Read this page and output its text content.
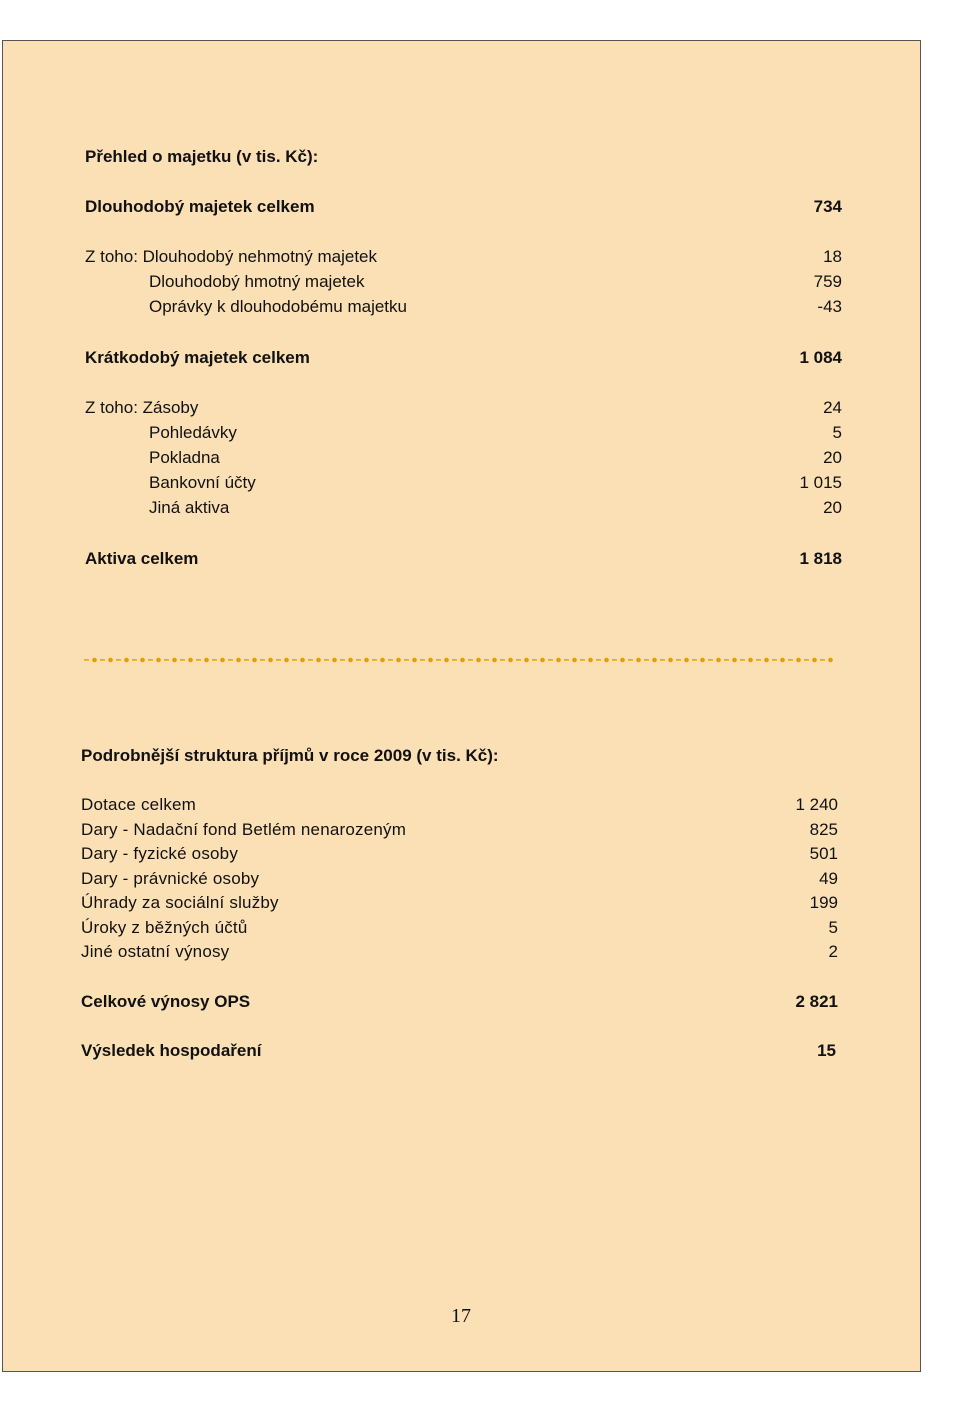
Přehled o majetku (v tis. Kč):
Dlouhodobý majetek celkem	734
Z toho: Dlouhodobý nehmotný majetek	18
Dlouhodobý hmotný majetek	759
Oprávky k dlouhodobému majetku	-43
Krátkodobý majetek celkem	1 084
Z toho: Zásoby	24
Pohledávky	5
Pokladna	20
Bankovní účty	1 015
Jiná aktiva	20
Aktiva celkem	1 818
Podrobnější struktura příjmů v roce 2009 (v tis. Kč):
Dotace celkem	1 240
Dary - Nadační fond Betlém nenarozeným	825
Dary - fyzické osoby	501
Dary - právnické osoby	49
Úhrady za sociální služby	199
Úroky z běžných účtů	5
Jiné ostatní výnosy	2
Celkové výnosy OPS	2 821
Výsledek hospodaření	15
17
